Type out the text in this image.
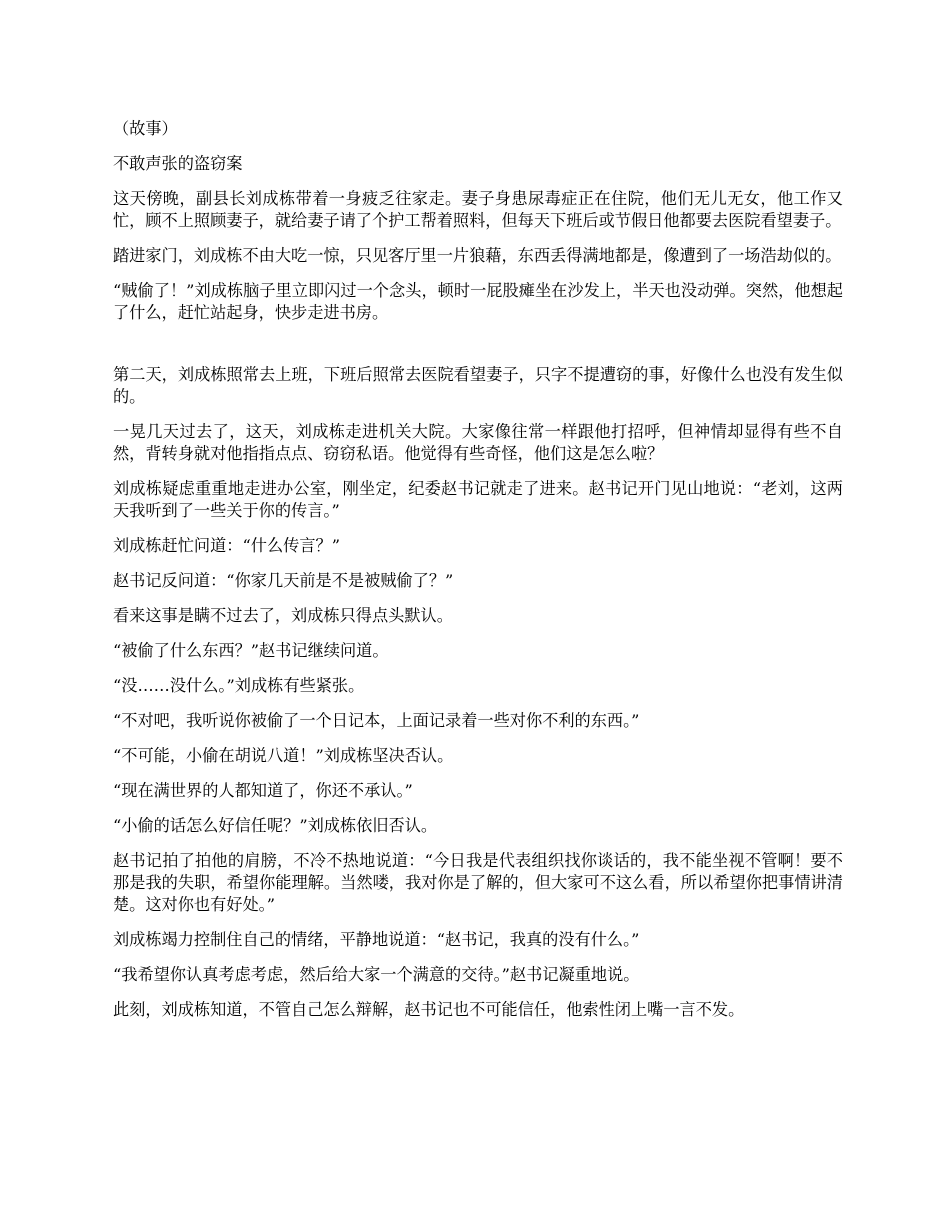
（故事）

不敢声张的盗窃案

这天傍晚，副县长刘成栋带着一身疲乏往家走。妻子身患尿毒症正在住院，他们无儿无女，他工作又忙，顾不上照顾妻子，就给妻子请了个护工帮着照料，但每天下班后或节假日他都要去医院看望妻子。

踏进家门，刘成栋不由大吃一惊，只见客厅里一片狼藉，东西丢得满地都是，像遭到了一场浩劫似的。

“贼偷了！”刘成栋脑子里立即闪过一个念头，顿时一屁股瘫坐在沙发上，半天也没动弹。突然，他想起了什么，赶忙站起身，快步走进书房。

第二天，刘成栋照常去上班，下班后照常去医院看望妻子，只字不提遭窃的事，好像什么也没有发生似的。

一晃几天过去了，这天，刘成栋走进机关大院。大家像往常一样跟他打招呼，但神情却显得有些不自然，背转身就对他指指点点、窃窃私语。他觉得有些奇怪，他们这是怎么啦？

刘成栋疑虑重重地走进办公室，刚坐定，纪委赵书记就走了进来。赵书记开门见山地说：“老刘，这两天我听到了一些关于你的传言。”

刘成栋赶忙问道：“什么传言？”

赵书记反问道：“你家几天前是不是被贼偷了？”

看来这事是瞒不过去了，刘成栋只得点头默认。

“被偷了什么东西？”赵书记继续问道。

“没……没什么。”刘成栋有些紧张。

“不对吧，我听说你被偷了一个日记本，上面记录着一些对你不利的东西。”

“不可能，小偷在胡说八道！”刘成栋坚决否认。

“现在满世界的人都知道了，你还不承认。”

“小偷的话怎么好信任呢？”刘成栋依旧否认。

赵书记拍了拍他的肩膀，不冷不热地说道：“今日我是代表组织找你谈话的，我不能坐视不管啊！要不那是我的失职，希望你能理解。当然喽，我对你是了解的，但大家可不这么看，所以希望你把事情讲清楚。这对你也有好处。”

刘成栋竭力控制住自己的情绪，平静地说道：“赵书记，我真的没有什么。”

“我希望你认真考虑考虑，然后给大家一个满意的交待。”赵书记凝重地说。

此刻，刘成栋知道，不管自己怎么辩解，赵书记也不可能信任，他索性闭上嘴一言不发。
